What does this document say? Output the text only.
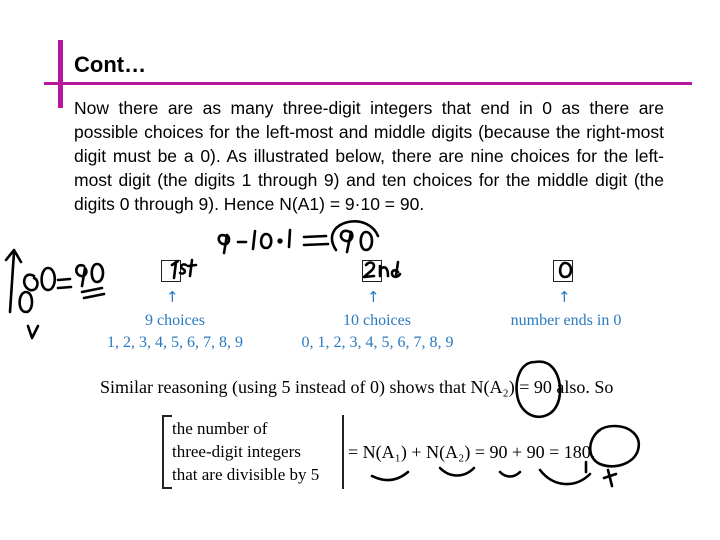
Cont…
Now there are as many three-digit integers that end in 0 as there are possible choices for the left-most and middle digits (because the right-most digit must be a 0). As illustrated below, there are nine choices for the left-most digit (the digits 1 through 9) and ten choices for the middle digit (the digits 0 through 9). Hence N(A1) = 9·10 = 90.
↑	↑	↑
9 choices	10 choices	number ends in 0
1, 2, 3, 4, 5, 6, 7, 8, 9	0, 1, 2, 3, 4, 5, 6, 7, 8, 9
Similar reasoning (using 5 instead of 0) shows that N(A₂) = 90 also. So
the number of
three-digit integers
that are divisible by 5
= N(A₁) + N(A₂) = 90 + 90 = 180.
